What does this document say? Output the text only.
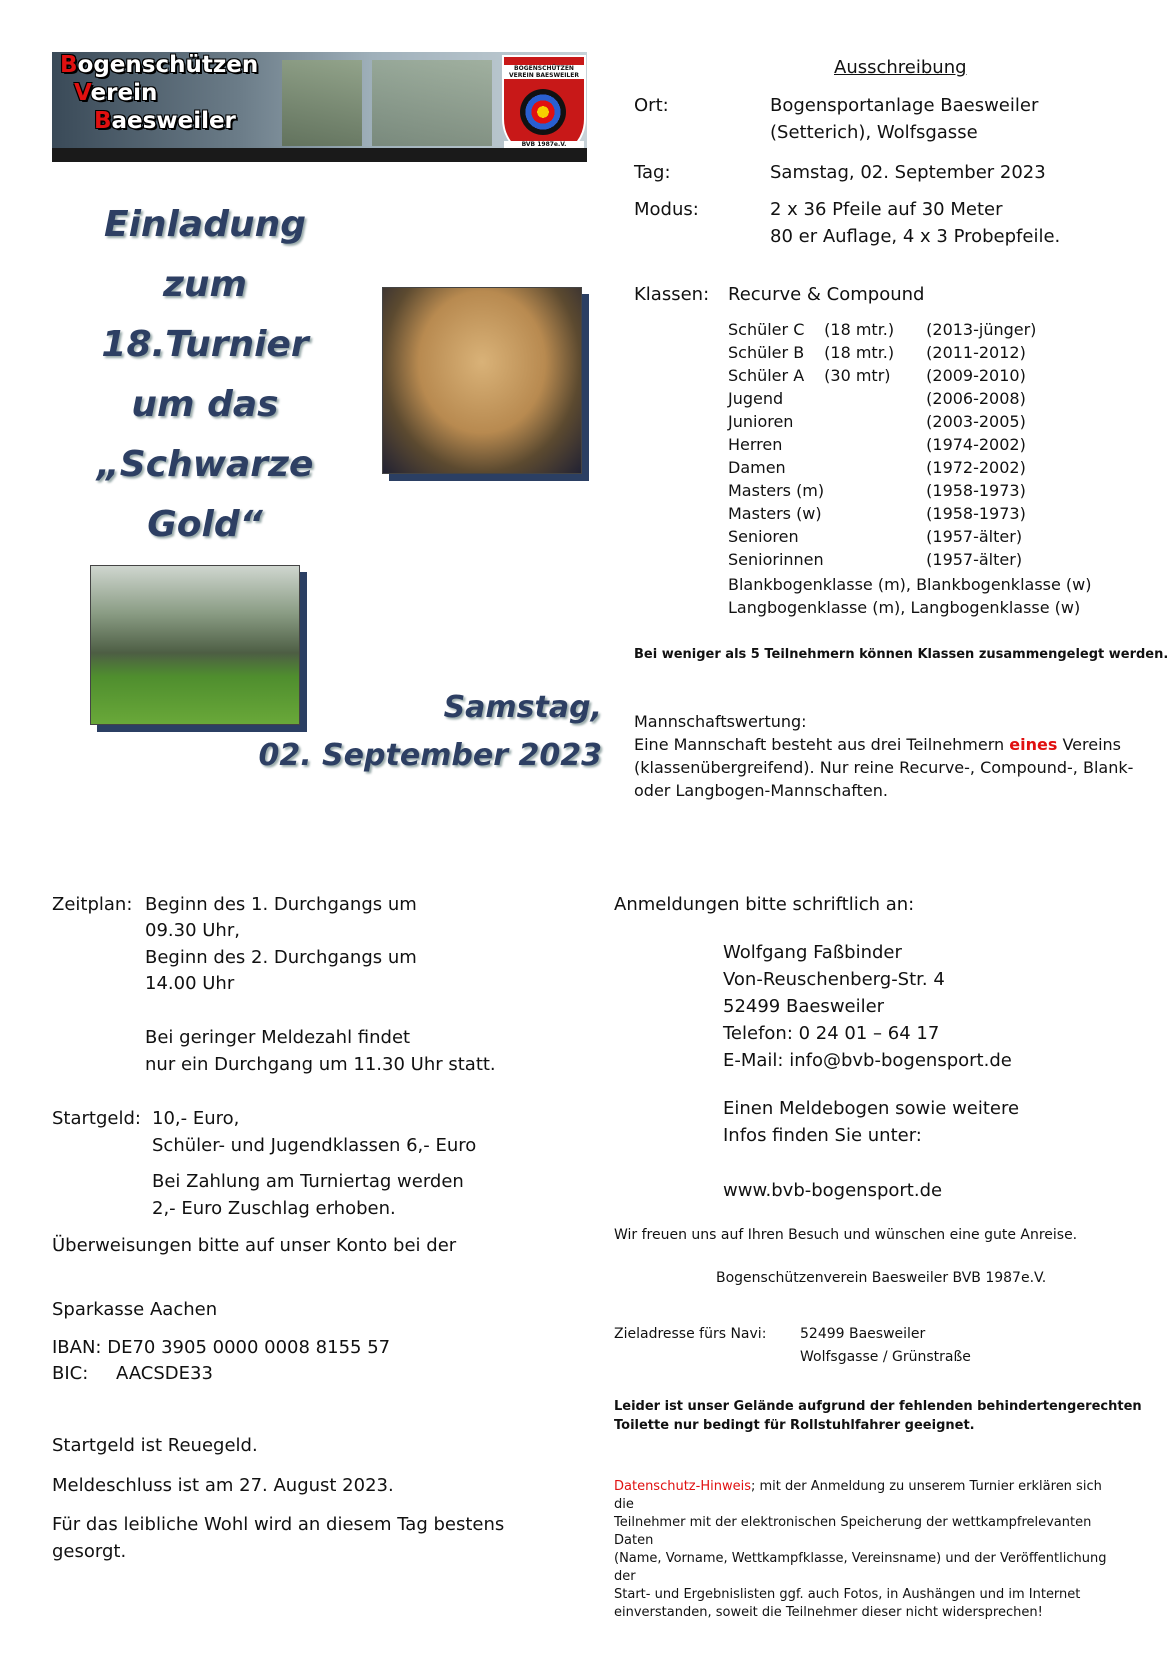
Bogenschützen
Verein
Baesweiler
BOGENSCHÜTZEN VEREIN BAESWEILER
BVB 1987e.V.
Einladung
zum
18.Turnier
um das
„Schwarze
Gold“
Samstag,
02. September 2023
Ausschreibung
Ort:	Bogensportanlage Baesweiler
(Setterich), Wolfsgasse
Tag:	Samstag, 02. September 2023
Modus:	2 x 36 Pfeile auf 30 Meter
80 er Auflage, 4 x 3 Probepfeile.
Klassen: Recurve & Compound
Schüler C	(18 mtr.)	(2013-jünger)
Schüler B	(18 mtr.)	(2011-2012)
Schüler A	(30 mtr)	(2009-2010)
Jugend		(2006-2008)
Junioren		(2003-2005)
Herren		(1974-2002)
Damen		(1972-2002)
Masters (m)		(1958-1973)
Masters (w)		(1958-1973)
Senioren		(1957-älter)
Seniorinnen		(1957-älter)
Blankbogenklasse (m), Blankbogenklasse (w)
Langbogenklasse (m), Langbogenklasse (w)
Bei weniger als 5 Teilnehmern können Klassen zusammengelegt werden.
Mannschaftswertung:
Eine Mannschaft besteht aus drei Teilnehmern eines Vereins
(klassenübergreifend). Nur reine Recurve-, Compound-, Blank-
oder Langbogen-Mannschaften.
Zeitplan: Beginn des 1. Durchgangs um
09.30 Uhr,
Beginn des 2. Durchgangs um
14.00 Uhr
Bei geringer Meldezahl findet
nur ein Durchgang um 11.30 Uhr statt.
Startgeld: 10,- Euro,
Schüler- und Jugendklassen 6,- Euro
Bei Zahlung am Turniertag werden
2,- Euro Zuschlag erhoben.
Überweisungen bitte auf unser Konto bei der
Sparkasse Aachen
IBAN: DE70 3905 0000 0008 8155 57
BIC: AACSDE33
Startgeld ist Reuegeld.
Meldeschluss ist am 27. August 2023.
Für das leibliche Wohl wird an diesem Tag bestens
gesorgt.
Anmeldungen bitte schriftlich an:
Wolfgang Faßbinder
Von-Reuschenberg-Str. 4
52499 Baesweiler
Telefon: 0 24 01 – 64 17
E-Mail: info@bvb-bogensport.de
Einen Meldebogen sowie weitere
Infos finden Sie unter:
www.bvb-bogensport.de
Wir freuen uns auf Ihren Besuch und wünschen eine gute Anreise.
Bogenschützenverein Baesweiler BVB 1987e.V.
Zieladresse fürs Navi: 52499 Baesweiler
Wolfsgasse / Grünstraße
Leider ist unser Gelände aufgrund der fehlenden behindertengerechten
Toilette nur bedingt für Rollstuhlfahrer geeignet.
Datenschutz-Hinweis; mit der Anmeldung zu unserem Turnier erklären sich die
Teilnehmer mit der elektronischen Speicherung der wettkampfrelevanten Daten
(Name, Vorname, Wettkampfklasse, Vereinsname) und der Veröffentlichung der
Start- und Ergebnislisten ggf. auch Fotos, in Aushängen und im Internet
einverstanden, soweit die Teilnehmer dieser nicht widersprechen!
